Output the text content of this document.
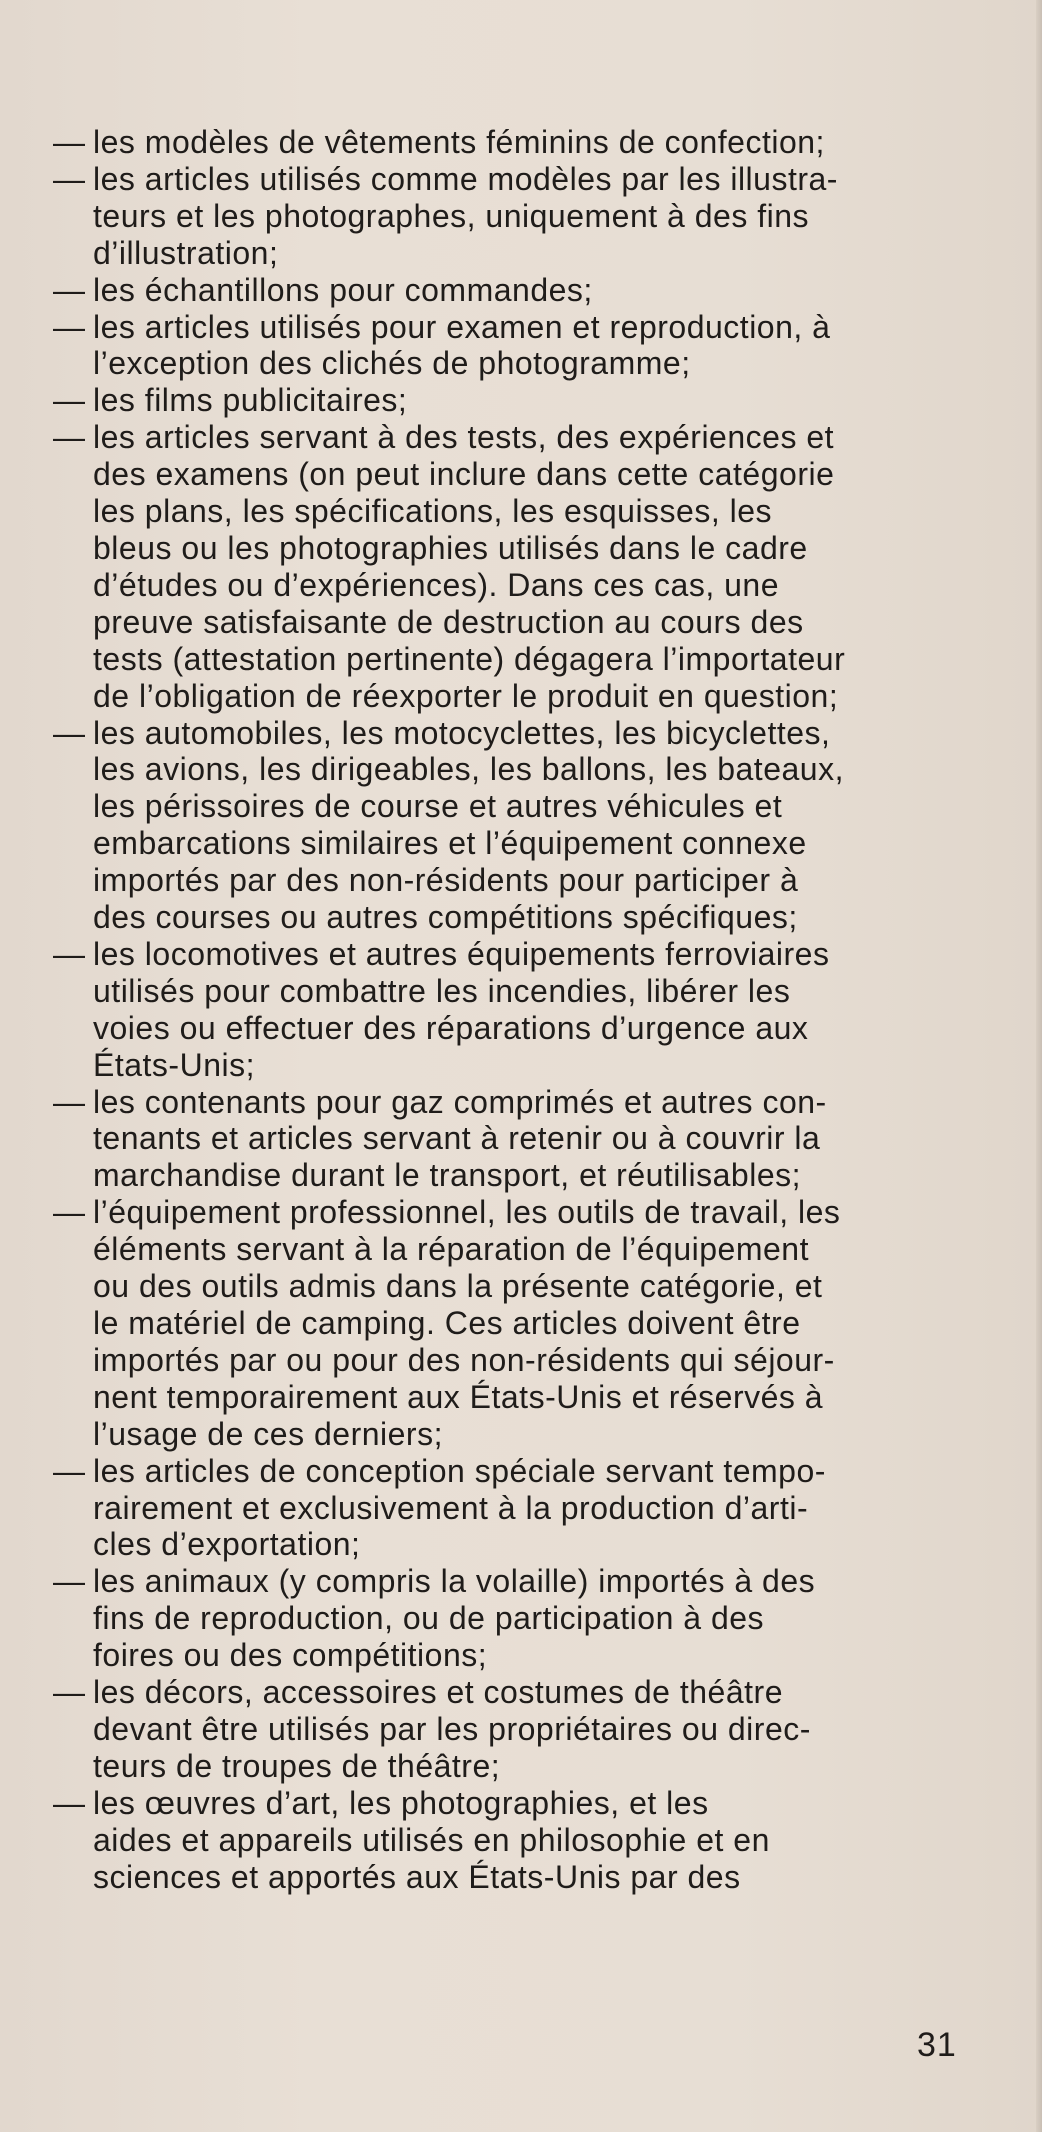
— les modèles de vêtements féminins de confection;
— les articles utilisés comme modèles par les illustra-
teurs et les photographes, uniquement à des fins
d’illustration;
— les échantillons pour commandes;
— les articles utilisés pour examen et reproduction, à
l’exception des clichés de photogramme;
— les films publicitaires;
— les articles servant à des tests, des expériences et
des examens (on peut inclure dans cette catégorie
les plans, les spécifications, les esquisses, les
bleus ou les photographies utilisés dans le cadre
d’études ou d’expériences). Dans ces cas, une
preuve satisfaisante de destruction au cours des
tests (attestation pertinente) dégagera l’importateur
de l’obligation de réexporter le produit en question;
— les automobiles, les motocyclettes, les bicyclettes,
les avions, les dirigeables, les ballons, les bateaux,
les périssoires de course et autres véhicules et
embarcations similaires et l’équipement connexe
importés par des non-résidents pour participer à
des courses ou autres compétitions spécifiques;
— les locomotives et autres équipements ferroviaires
utilisés pour combattre les incendies, libérer les
voies ou effectuer des réparations d’urgence aux
États-Unis;
— les contenants pour gaz comprimés et autres con-
tenants et articles servant à retenir ou à couvrir la
marchandise durant le transport, et réutilisables;
— l’équipement professionnel, les outils de travail, les
éléments servant à la réparation de l’équipement
ou des outils admis dans la présente catégorie, et
le matériel de camping. Ces articles doivent être
importés par ou pour des non-résidents qui séjour-
nent temporairement aux États-Unis et réservés à
l’usage de ces derniers;
— les articles de conception spéciale servant tempo-
rairement et exclusivement à la production d’arti-
cles d’exportation;
— les animaux (y compris la volaille) importés à des
fins de reproduction, ou de participation à des
foires ou des compétitions;
— les décors, accessoires et costumes de théâtre
devant être utilisés par les propriétaires ou direc-
teurs de troupes de théâtre;
— les œuvres d’art, les photographies, et les
aides et appareils utilisés en philosophie et en
sciences et apportés aux États-Unis par des
31
